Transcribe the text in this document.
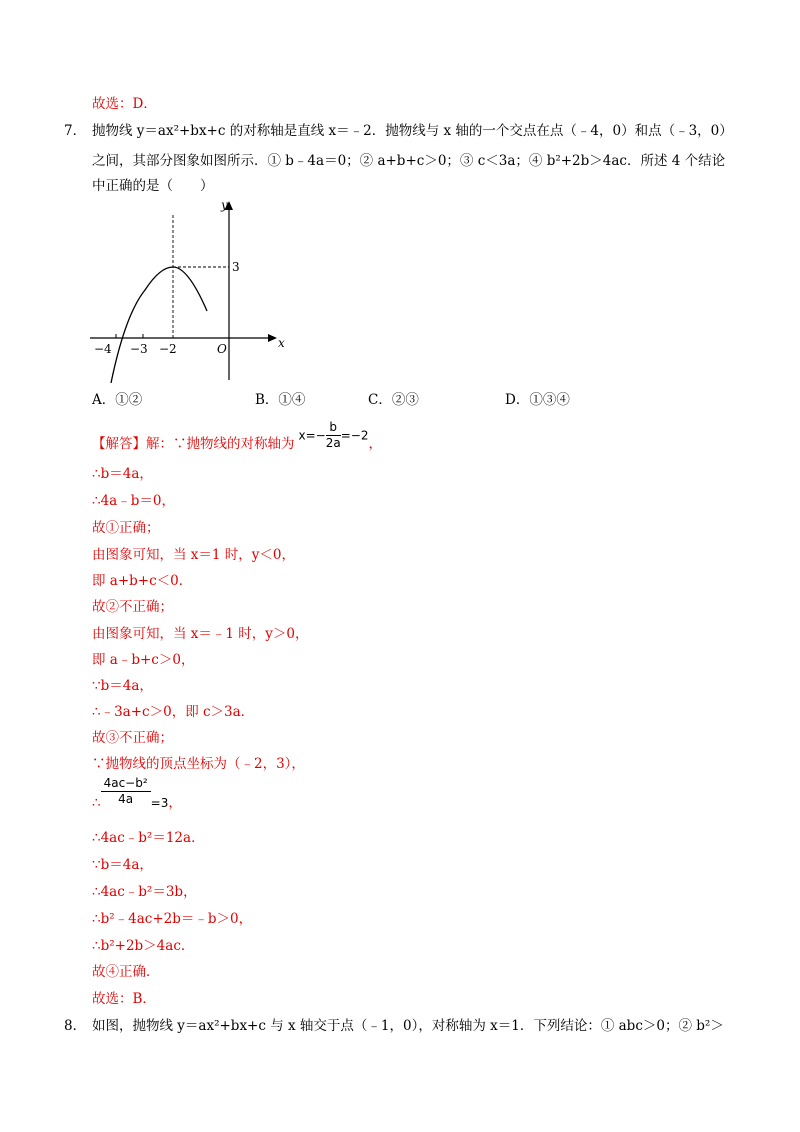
故选：D．
7． 抛物线 y＝ax²+bx+c 的对称轴是直线 x＝﹣2．抛物线与 x 轴的一个交点在点（﹣4，0）和点（﹣3，0）
之间，其部分图象如图所示．① b﹣4a＝0；② a+b+c＞0；③ c＜3a；④ b²+2b＞4ac．所述 4 个结论
中正确的是（　　）
x
y
O
−4 −3 −2
3
A．①②	B．①④	C．②③	D．①③④
【解答】解：∵抛物线的对称轴为$x=- \frac{b}{2a} =-2$，
∴b＝4a，
∴4a﹣b＝0，
故①正确；
由图象可知，当 x＝1 时，y＜0，
即 a+b+c＜0．
故②不正确；
由图象可知，当 x＝﹣1 时，y＞0，
即 a﹣b+c＞0，
∵b＝4a，
∴﹣3a+c＞0，即 c＞3a．
故③不正确；
∵抛物线的顶点坐标为（﹣2，3），
∴ $\frac{\text{4ac−b²}}{4a} =3$，
∴4ac﹣b²＝12a．
∵b＝4a，
∴4ac﹣b²＝3b，
∴b²﹣4ac+2b＝﹣b＞0，
∴b²+2b＞4ac．
故④正确．
故选：B．
8． 如图，抛物线 y＝ax²+bx+c 与 x 轴交于点（﹣1，0），对称轴为 x＝1．下列结论：① abc＞0；② b²＞
